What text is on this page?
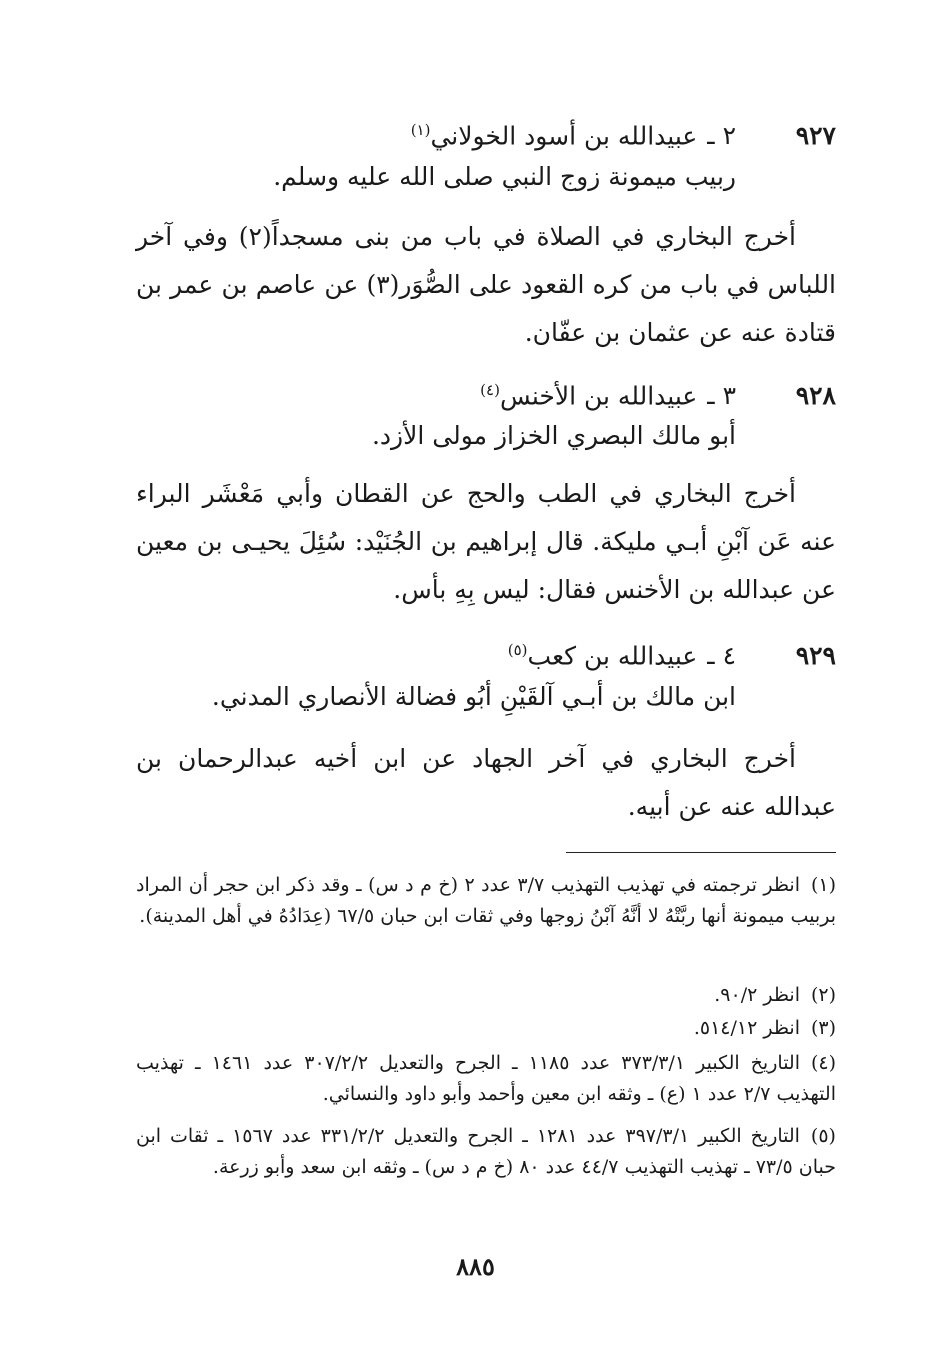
٩٢٧٢ ـعبيدالله بن أسود الخولاني$^{(١)}$
ربيب ميمونة زوج النبي صلى الله عليه وسلم.
أخرج البخاري في الصلاة في باب من بنى مسجداً(٢) وفي آخر اللباس في باب من كره القعود على الصُّوَر(٣) عن عاصم بن عمر بن قتادة عنه عن عثمان بن عفّان.
٩٢٨٣ ـعبيدالله بن الأخنس$^{(٤)}$
أبو مالك البصري الخزاز مولى الأزد.
أخرج البخاري في الطب والحج عن القطان وأبي مَعْشَر البراء عنه عَن آبْنِ أبـي مليكة. قال إبراهيم بن الجُنَيْد: سُئِلَ يحيـى بن معين عن عبدالله بن الأخنس فقال: ليس بِهِ بأس.
٩٢٩٤ ـعبيدالله بن كعب$^{(٥)}$
ابن مالك بن أبـي آلقَيْنِ أبُو فضالة الأنصاري المدني.
أخرج البخاري في آخر الجهاد عن ابن أخيه عبدالرحمان بن عبدالله عنه عن أبيه.
(١)انظر ترجمته في تهذيب التهذيب ٣/٧ عدد ٢ (خ م د س) ـ وقد ذكر ابن حجر أن المراد بربيب ميمونة أنها ربَّتْهُ لا أنَّهُ آبْنُ زوجها وفي ثقات ابن حبان ٦٧/٥ (عِدَادُهُ في أهل المدينة).
(٢)انظر ٩٠/٢.
(٣)انظر ٥١٤/١٢.
(٤)التاريخ الكبير ٣٧٣/٣/١ عدد ١١٨٥ ـ الجرح والتعديل ٣٠٧/٢/٢ عدد ١٤٦١ ـ تهذيب التهذيب ٢/٧ عدد ١ (ع) ـ وثقه ابن معين وأحمد وأبو داود والنسائي.
(٥)التاريخ الكبير ٣٩٧/٣/١ عدد ١٢٨١ ـ الجرح والتعديل ٣٣١/٢/٢ عدد ١٥٦٧ ـ ثقات ابن حبان ٧٣/٥ ـ تهذيب التهذيب ٤٤/٧ عدد ٨٠ (خ م د س) ـ وثقه ابن سعد وأبو زرعة.
٨٨٥
